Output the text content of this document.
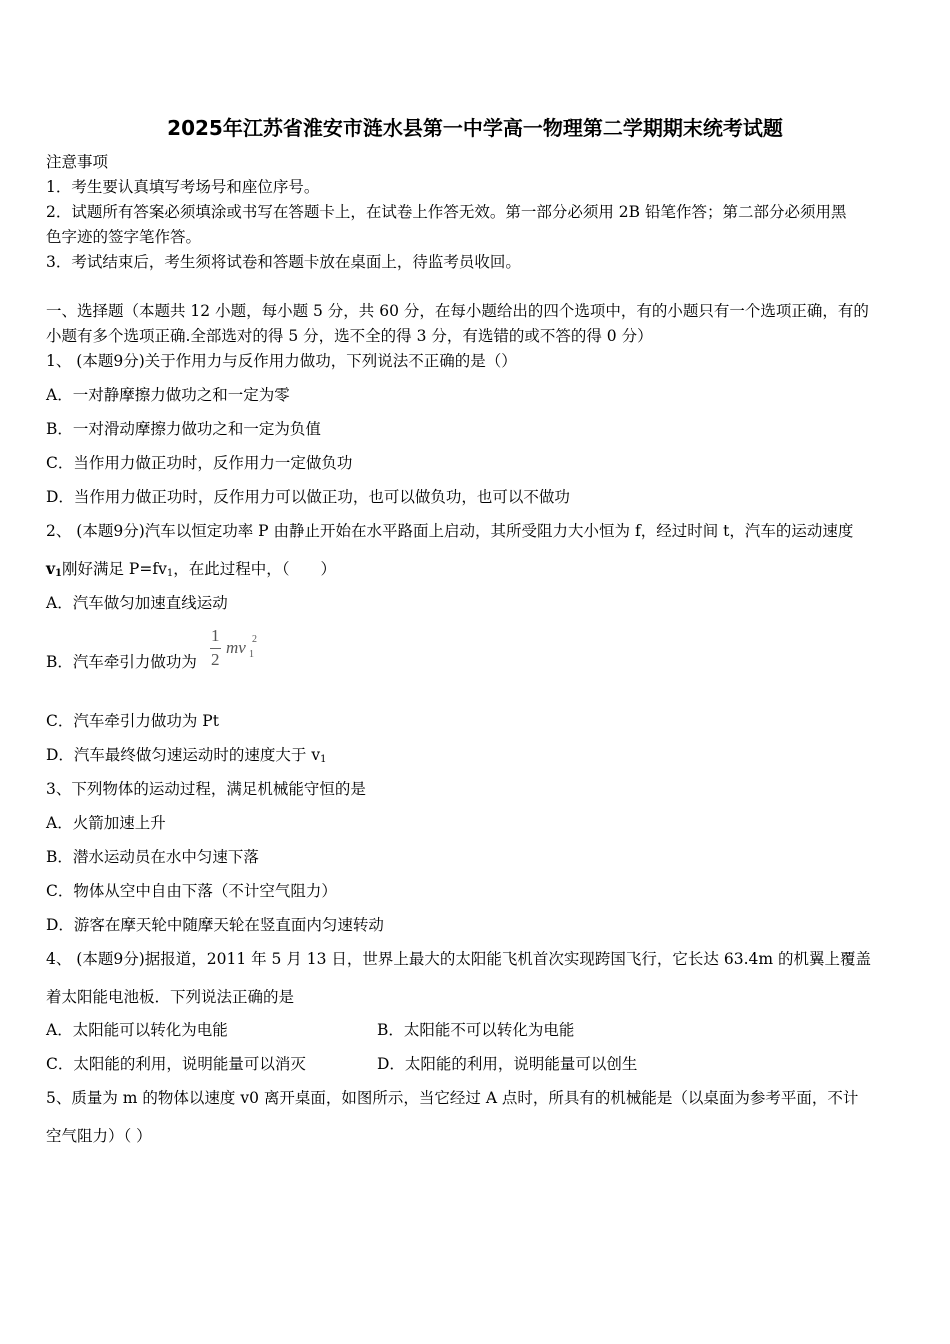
2025年江苏省淮安市涟水县第一中学高一物理第二学期期末统考试题
注意事项
1．考生要认真填写考场号和座位序号。
2．试题所有答案必须填涂或书写在答题卡上，在试卷上作答无效。第一部分必须用 2B 铅笔作答；第二部分必须用黑
色字迹的签字笔作答。
3．考试结束后，考生须将试卷和答题卡放在桌面上，待监考员收回。
一、选择题（本题共 12 小题，每小题 5 分，共 60 分，在每小题给出的四个选项中，有的小题只有一个选项正确，有的
小题有多个选项正确.全部选对的得 5 分，选不全的得 3 分，有选错的或不答的得 0 分）
1、 (本题9分)关于作用力与反作用力做功，下列说法不正确的是（）
A．一对静摩擦力做功之和一定为零
B．一对滑动摩擦力做功之和一定为负值
C．当作用力做正功时，反作用力一定做负功
D．当作用力做正功时，反作用力可以做正功，也可以做负功，也可以不做功
2、 (本题9分)汽车以恒定功率 P 由静止开始在水平路面上启动，其所受阻力大小恒为 f，经过时间 t，汽车的运动速度
$v_1$刚好满足 $P=fv_1$，在此过程中，（　　）
A．汽车做匀加速直线运动
B．汽车牵引力做功为
1
2
mv 1
2
C．汽车牵引力做功为 Pt
D．汽车最终做匀速运动时的速度大于 $v_1$
3、下列物体的运动过程，满足机械能守恒的是
A．火箭加速上升
B．潜水运动员在水中匀速下落
C．物体从空中自由下落（不计空气阻力）
D．游客在摩天轮中随摩天轮在竖直面内匀速转动
4、 (本题9分)据报道，2011 年 5 月 13 日，世界上最大的太阳能飞机首次实现跨国飞行，它长达 63.4m 的机翼上覆盖
着太阳能电池板．下列说法正确的是
A．太阳能可以转化为电能	B．太阳能不可以转化为电能
C．太阳能的利用，说明能量可以消灭	D．太阳能的利用，说明能量可以创生
5、质量为 m 的物体以速度 v0 离开桌面，如图所示，当它经过 A 点时，所具有的机械能是（以桌面为参考平面，不计
空气阻力）（ ）
